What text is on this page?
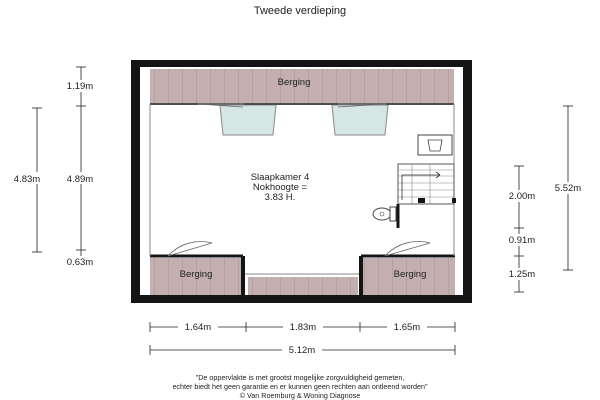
Tweede verdieping
Berging
Berging	Berging
Slaapkamer 4
Nokhoogte =
3.83 H.
4.83m
1.19m
4.89m
0.63m
5.52m
2.00m
0.91m
1.25m
1.64m	1.83m	1.65m
5.12m
"De oppervlakte is met grootst mogelijke zorgvuldigheid gemeten,
echter biedt het geen garantie en er kunnen geen rechten aan ontleend worden"
© Van Roemburg & Woning Diagnose
